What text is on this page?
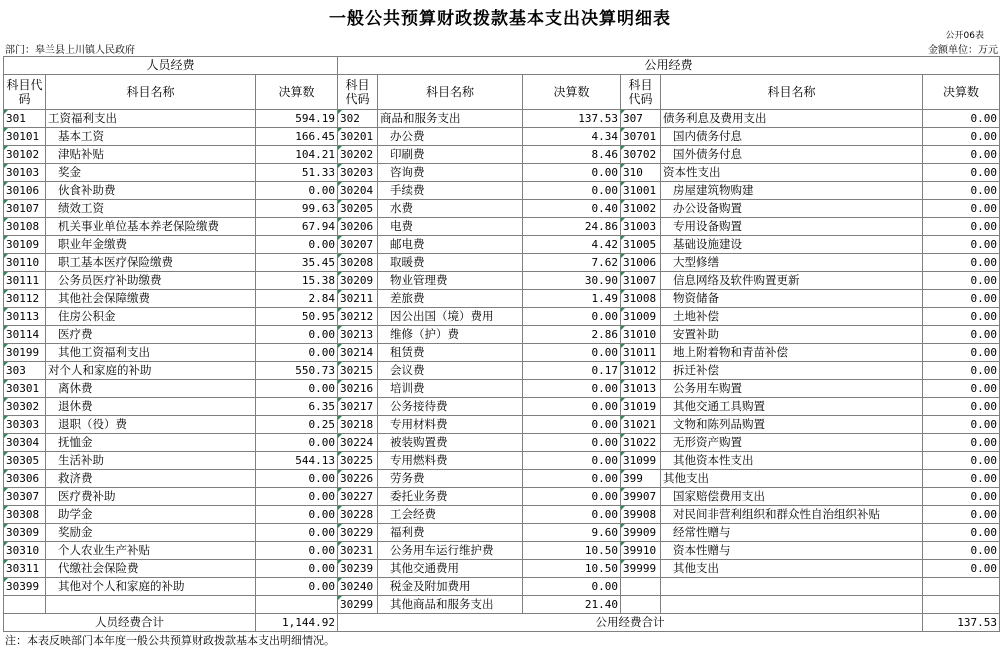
一般公共预算财政拨款基本支出决算明细表
公开06表
部门：皋兰县上川镇人民政府	金额单位：万元
人员经费			公用经费					
科目代码	科目名称	决算数	科目代码	科目名称	决算数	科目代码	科目名称	决算数
301	工资福利支出	594.19	302	商品和服务支出	137.53	307	债务利息及费用支出	0.00
30101	基本工资	166.45	30201	办公费	4.34	30701	国内债务付息	0.00
30102	津贴补贴	104.21	30202	印刷费	8.46	30702	国外债务付息	0.00
30103	奖金	51.33	30203	咨询费	0.00	310	资本性支出	0.00
30106	伙食补助费	0.00	30204	手续费	0.00	31001	房屋建筑物购建	0.00
30107	绩效工资	99.63	30205	水费	0.40	31002	办公设备购置	0.00
30108	机关事业单位基本养老保险缴费	67.94	30206	电费	24.86	31003	专用设备购置	0.00
30109	职业年金缴费	0.00	30207	邮电费	4.42	31005	基础设施建设	0.00
30110	职工基本医疗保险缴费	35.45	30208	取暖费	7.62	31006	大型修缮	0.00
30111	公务员医疗补助缴费	15.38	30209	物业管理费	30.90	31007	信息网络及软件购置更新	0.00
30112	其他社会保障缴费	2.84	30211	差旅费	1.49	31008	物资储备	0.00
30113	住房公积金	50.95	30212	因公出国（境）费用	0.00	31009	土地补偿	0.00
30114	医疗费	0.00	30213	维修（护）费	2.86	31010	安置补助	0.00
30199	其他工资福利支出	0.00	30214	租赁费	0.00	31011	地上附着物和青苗补偿	0.00
303	对个人和家庭的补助	550.73	30215	会议费	0.17	31012	拆迁补偿	0.00
30301	离休费	0.00	30216	培训费	0.00	31013	公务用车购置	0.00
30302	退休费	6.35	30217	公务接待费	0.00	31019	其他交通工具购置	0.00
30303	退职（役）费	0.25	30218	专用材料费	0.00	31021	文物和陈列品购置	0.00
30304	抚恤金	0.00	30224	被装购置费	0.00	31022	无形资产购置	0.00
30305	生活补助	544.13	30225	专用燃料费	0.00	31099	其他资本性支出	0.00
30306	救济费	0.00	30226	劳务费	0.00	399	其他支出	0.00
30307	医疗费补助	0.00	30227	委托业务费	0.00	39907	国家赔偿费用支出	0.00
30308	助学金	0.00	30228	工会经费	0.00	39908	对民间非营利组织和群众性自治组织补贴	0.00
30309	奖励金	0.00	30229	福利费	9.60	39909	经常性赠与	0.00
30310	个人农业生产补贴	0.00	30231	公务用车运行维护费	10.50	39910	资本性赠与	0.00
30311	代缴社会保险费	0.00	30239	其他交通费用	10.50	39999	其他支出	0.00
30399	其他对个人和家庭的补助	0.00	30240	税金及附加费用	0.00			
			30299	其他商品和服务支出	21.40			
人员经费合计		1,144.92	公用经费合计					137.53
注：本表反映部门本年度一般公共预算财政拨款基本支出明细情况。
